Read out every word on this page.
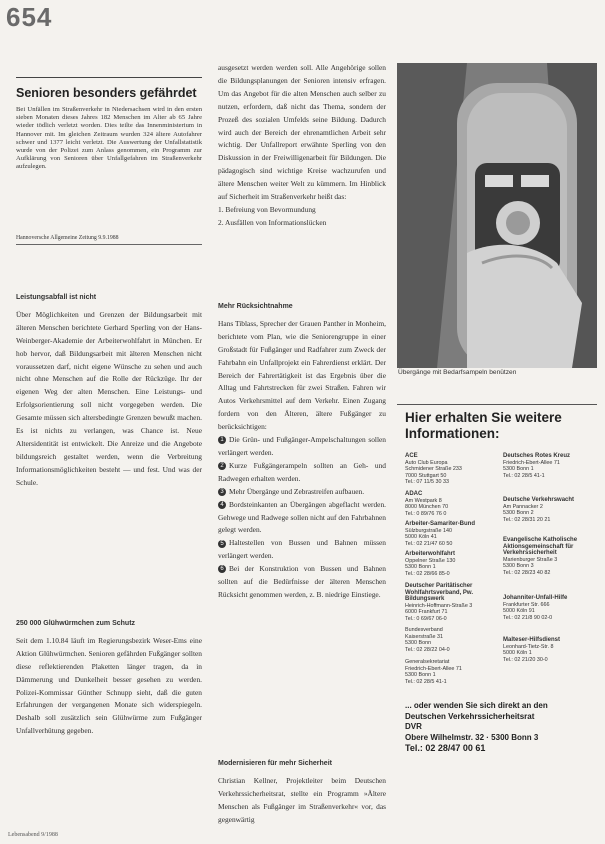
654
Senioren besonders gefährdet

Bei Unfällen im Straßenverkehr in Niedersachsen wird in den ersten sieben Monaten dieses Jahres 182 Menschen im Alter ab 65 Jahre wieder tödlich verletzt worden. Dies teilte das Innenministerium in Hannover mit. Im gleichen Zeitraum wurden 324 ältere Autofahrer schwer und 1377 leicht verletzt. Die Auswertung der Unfallstatistik wurde von der Polizei zum Anlass genommen, ein Programm zur Aufklärung von Senioren über Unfallgefahren im Straßenverkehr aufzulegen.

Hannoversche Allgemeine Zeitung 9.9.1988

Leistungsabfall ist nicht

Über Möglichkeiten und Grenzen der Bildungsarbeit mit älteren Menschen berichtete Gerhard Sperling von der Hans-Weinberger-Akademie der Arbeiterwohlfahrt in München. Er hob hervor, daß Bildungsarbeit mit älteren Menschen nicht voraussetzen darf, nicht eigene Wünsche zu sehen und auch nicht ohne Menschen auf die Rolle der Rückzüge. Ihr der eigenen Weg der alten Menschen. Eine Leistungs- und Erfolgsorientierung soll nicht vorgegeben werden. Die Gesamte müssen sich altersbedingte Grenzen bewußt machen. Es ist nichts zu verlangen, was Chance ist. Neue Altersidentität ist entwickelt. Die Anreize und die Angebote bildungsreich gestaltet werden, wenn die Verbreitung Informationsmöglichkeiten besteht — und fest. Und was der Schule.

250 000 Glühwürmchen zum Schutz

Seit dem 1.10.84 läuft im Regierungsbezirk Weser-Ems eine Aktion Glühwürmchen. Senioren gefährden Fußgänger sollten diese reflektierenden Plaketten länger tragen, da in Dämmerung und Dunkelheit besser gesehen zu werden. Polizei-Kommissar Günther Schnupp sieht, daß die guten Erfahrungen der vergangenen Monate sich widerspiegeln. Deshalb soll zusätzlich sein Glühwürme zum Fußgänger Unfallverhütung gegeben.

ausgesetzt werden werden soll. Alle Angehörige sollen die Bildungsplanungen der Senioren intensiv erfragen. Um das Angebot für die alten Menschen auch selber zu nutzen, erfordern, daß nicht das Thema, sondern der Prozeß des sozialen Umfelds seine Bildung. Dadurch wird auch der Bereich der ehrenamtlichen Arbeit sehr wichtig. Der Unfallreport erwähnte Sperling von den Diskussion in der Freiwilligenarbeit für Bildungen. Die pädagogisch sind wichtige Kreise wachzurufen und ältere Menschen weiter Welt zu kümmern. Im Hinblick auf Sicherheit im Straßenverkehr heißt das:

1. Befreiung von Bevormundung

2. Ausfällen von Informationslücken

Mehr Rücksichtnahme

Hans Tiblass, Sprecher der Grauen Panther in Monheim, berichtete vom Plan, wie die Seniorengruppe in einer Großstadt für Fußgänger und Radfahrer zum Zweck der Fahrbahn ein Unfallprojekt ein Fahrerdienst erklärt. Der Bereich der Fahrertätigkeit ist das Ergebnis über die Alltag und Fahrtstrecken für zwei Straßen. Fahren wir Autos Verkehrsmittel auf dem Verkehr. Einen Zugang fordern von den Älteren, ältere Fußgänger zu berücksichtigen:

1 Die Grün- und Fußgänger-Ampelschaltungen sollen verlängert werden.

2 Kurze Fußgängerampeln sollten an Geh- und Radwegen erhalten werden.

3 Mehr Übergänge und Zebrastreifen aufbauen.

4 Bordsteinkanten an Übergängen abgeflacht werden. Gehwege und Radwege sollen nicht auf den Fahrbahnen gelegt werden.

5 Haltestellen von Bussen und Bahnen müssen verlängert werden.

6 Bei der Konstruktion von Bussen und Bahnen sollten auf die Bedürfnisse der älteren Menschen Rücksicht genommen werden, z. B. niedrige Einstiege.

Modernisieren für mehr Sicherheit

Christian Kellner, Projektleiter beim Deutschen Verkehrssicherheitsrat, stellte ein Programm »Ältere Menschen als Fußgänger im Straßenverkehr« vor, das gegenwärtig

Übergänge mit Bedarfsampeln benützen
Hier erhalten Sie weitere Informationen:
ACE
Auto Club Europa
Schmidener Straße 233
7000 Stuttgart 50
Tel.: 07 11/5 30 33
ADAC
Am Westpark 8
8000 München 70
Tel.: 0 89/76 76 0
Arbeiter-Samariter-Bund
Sülzburgstraße 140
5000 Köln 41
Tel.: 02 21/47 60 50
Arbeiterwohlfahrt
Oppelner Straße 130
5300 Bonn 1
Tel.: 02 28/66 85-0
Deutscher Paritätischer Wohlfahrtsverband, Pw. Bildungswerk
Heinrich-Hoffmann-Straße 3
6000 Frankfurt 71
Tel.: 0 69/67 06-0
Bundesverband
Kaiserstraße 31
5300 Bonn
Tel.: 02 28/22 04-0
Generalsekretariat
Friedrich-Ebert-Allee 71
5300 Bonn 1
Tel.: 02 28/5 41-1
Deutsches Rotes Kreuz
Friedrich-Ebert-Allee 71
5300 Bonn 1
Tel.: 02 28/5 41-1
Deutsche Verkehrswacht
Am Pannacker 2
5300 Bonn 2
Tel.: 02 28/31 20 21
Evangelische Katholische Aktionsgemeinschaft für Verkehrssicherheit
Marienburger Straße 3
5300 Bonn 3
Tel.: 02 28/23 40 82
Johanniter-Unfall-Hilfe
Frankfurter Str. 666
5000 Köln 91
Tel.: 02 21/8 90 02-0
Malteser-Hilfsdienst
Leonhard-Tietz-Str. 8
5000 Köln 1
Tel.: 02 21/20 30-0
... oder wenden Sie sich direkt an den
Deutschen Verkehrssicherheitsrat
DVR
Obere Wilhelmstr. 32 · 5300 Bonn 3
Tel.: 02 28/47 00 61
Lebensabend 9/1988
